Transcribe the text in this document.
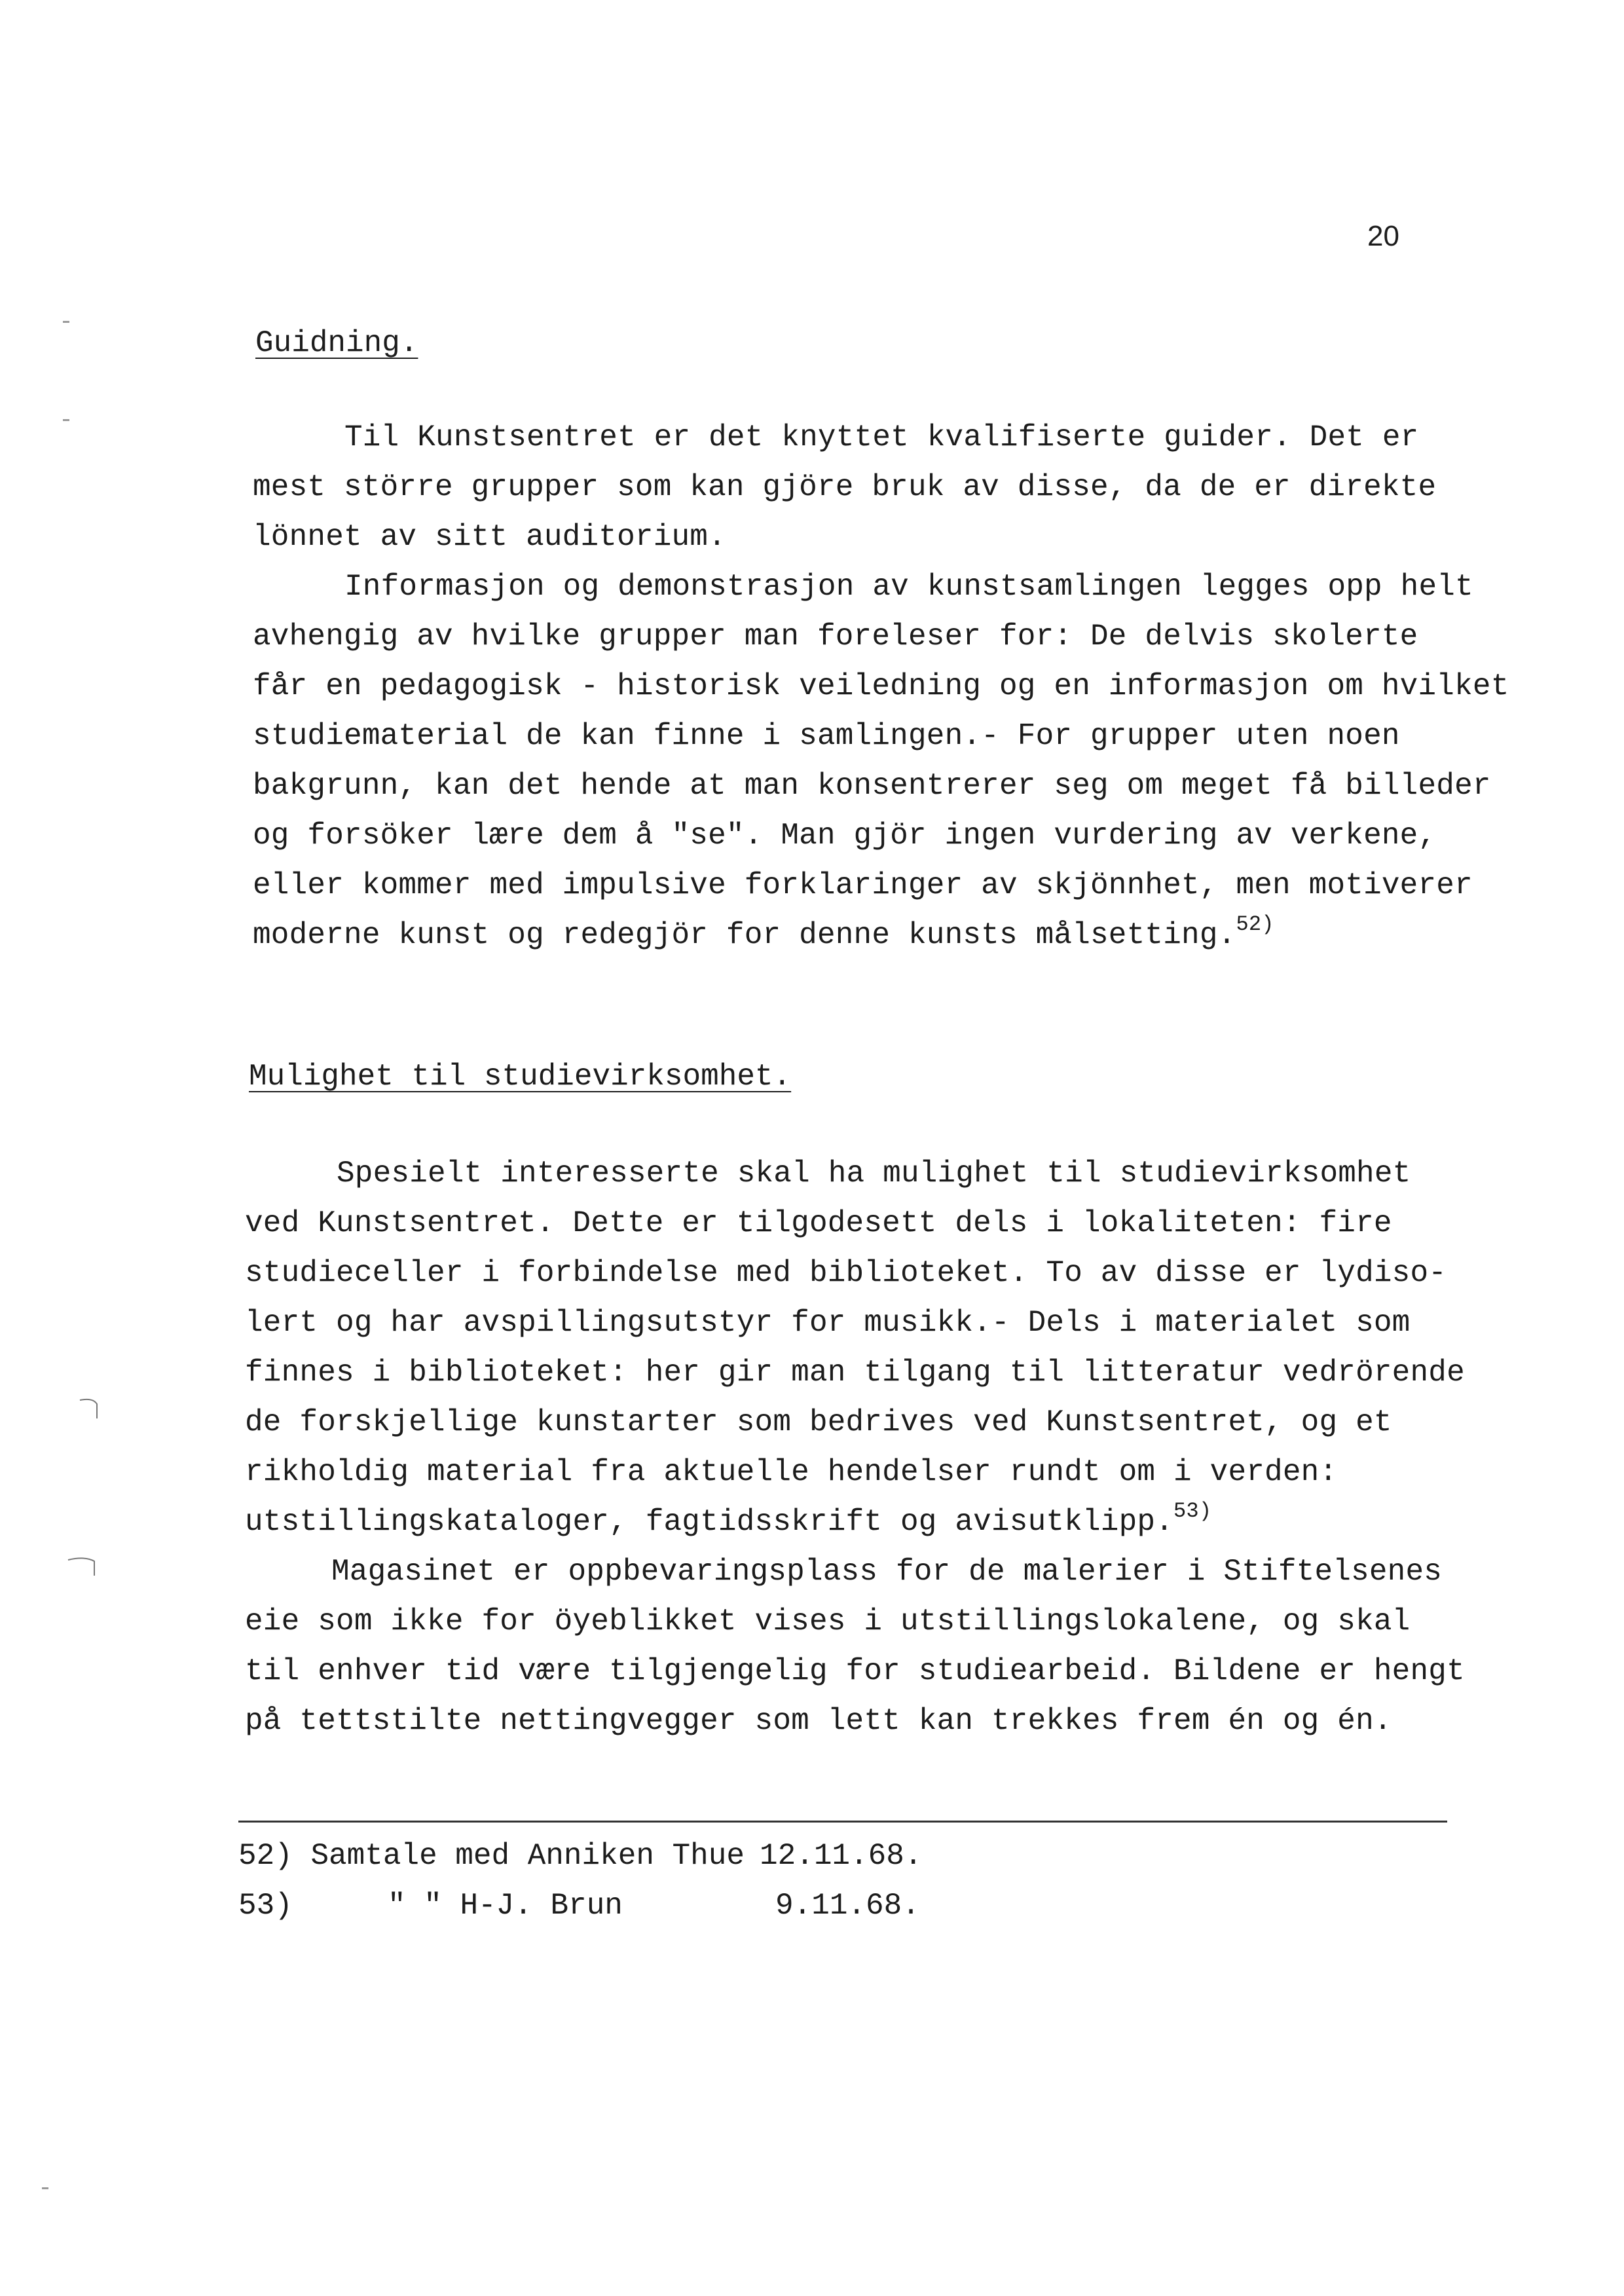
20
Guidning.
Til Kunstsentret er det knyttet kvalifiserte guider. Det er
mest större grupper som kan gjöre bruk av disse, da de er direkte
lönnet av sitt auditorium.
Informasjon og demonstrasjon av kunstsamlingen legges opp helt
avhengig av hvilke grupper man foreleser for: De delvis skolerte
får en pedagogisk - historisk veiledning og en informasjon om hvilket
studiematerial de kan finne i samlingen.- For grupper uten noen
bakgrunn, kan det hende at man konsentrerer seg om meget få billeder
og forsöker lære dem å "se". Man gjör ingen vurdering av verkene,
eller kommer med impulsive forklaringer av skjönnhet, men motiverer
moderne kunst og redegjör for denne kunsts målsetting.$^{52)}$
Mulighet til studievirksomhet.
Spesielt interesserte skal ha mulighet til studievirksomhet
ved Kunstsentret. Dette er tilgodesett dels i lokaliteten: fire
studieceller i forbindelse med biblioteket. To av disse er lydiso-
lert og har avspillingsutstyr for musikk.- Dels i materialet som
finnes i biblioteket: her gir man tilgang til litteratur vedrörende
de forskjellige kunstarter som bedrives ved Kunstsentret, og et
rikholdig material fra aktuelle hendelser rundt om i verden:
utstillingskataloger, fagtidsskrift og avisutklipp.$^{53)}$
Magasinet er oppbevaringsplass for de malerier i Stiftelsenes
eie som ikke for öyeblikket vises i utstillingslokalene, og skal
til enhver tid være tilgjengelig for studiearbeid. Bildene er hengt
på tettstilte nettingvegger som lett kan trekkes frem én og én.
52) Samtale med Anniken Thue 12.11.68.
53)	" " H-J. Brun	9.11.68.
